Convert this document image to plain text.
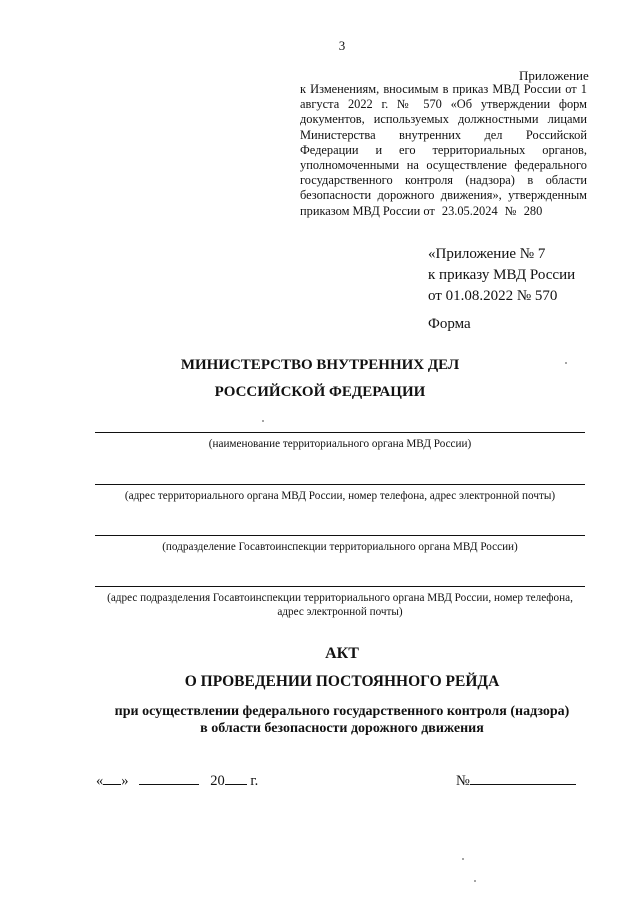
3
Приложение
к Изменениям, вносимым в приказ МВД России от 1 августа 2022 г. № 570 «Об утверждении форм документов, используемых должностными лицами Министерства внутренних дел Российской Федерации и его территориальных органов, уполномоченными на осуществление федерального государственного контроля (надзора) в области безопасности дорожного движения», утвержденным приказом МВД России от 23.05.2024 № 280
«Приложение № 7
к приказу МВД России
от 01.08.2022 № 570
Форма
МИНИСТЕРСТВО ВНУТРЕННИХ ДЕЛ
РОССИЙСКОЙ ФЕДЕРАЦИИ
(наименование территориального органа МВД России)
(адрес территориального органа МВД России, номер телефона, адрес электронной почты)
(подразделение Госавтоинспекции территориального органа МВД России)
(адрес подразделения Госавтоинспекции территориального органа МВД России, номер телефона, адрес электронной почты)
АКТ
О ПРОВЕДЕНИИ ПОСТОЯННОГО РЕЙДА
при осуществлении федерального государственного контроля (надзора)
в области безопасности дорожного движения
« »	20 г.	№
